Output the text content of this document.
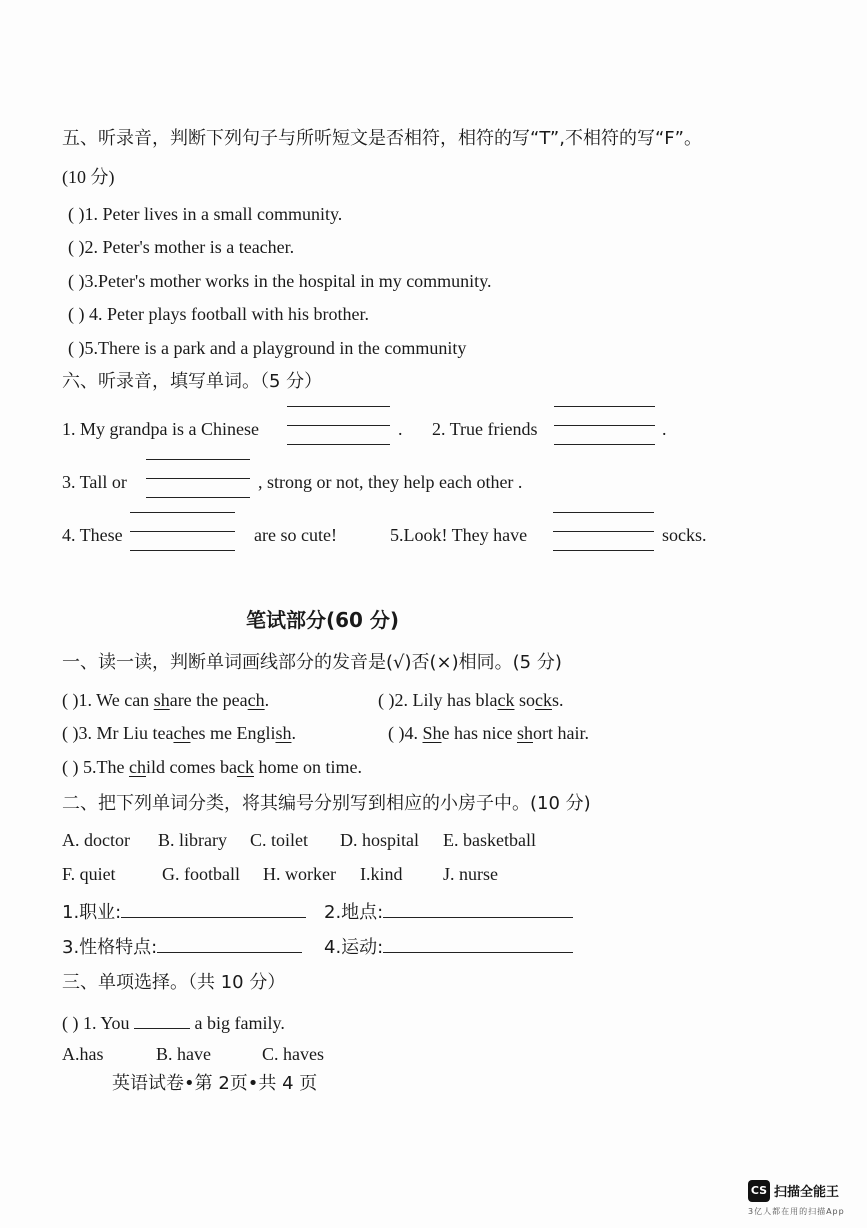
五、听录音，判断下列句子与所听短文是否相符，相符的写“T”,不相符的写“F”。
(10 分)
( )1. Peter lives in a small community.
( )2. Peter's mother is a teacher.
( )3.Peter's mother works in the hospital in my community.
( ) 4. Peter plays football with his brother.
( )5.There is a park and a playground in the community
六、听录音，填写单词。（5 分）
1. My grandpa is a Chinese	. 2. True friends	.
3. Tall or	, strong or not, they help each other .
4. These	are so cute!	5.Look! They have	socks.
笔试部分(60 分)
一、读一读，判断单词画线部分的发音是(√)否(×)相同。(5 分)
( )1. We can share the peach.	( )2. Lily has black socks.
( )3. Mr Liu teaches me English.	( )4. She has nice short hair.
( ) 5.The child comes back home on time.
二、把下列单词分类，将其编号分别写到相应的小房子中。(10 分)
A. doctor B. library C. toilet D. hospital E. basketball
F. quiet	G. football H. worker I.kind J. nurse
1.职业:	2.地点:
3.性格特点:	4.运动:
三、单项选择。（共 10 分）
( ) 1. You	a big family.
A.has	B. have	C. haves
英语试卷•第 2页•共 4 页
CS 扫描全能王
3亿人都在用的扫描App
